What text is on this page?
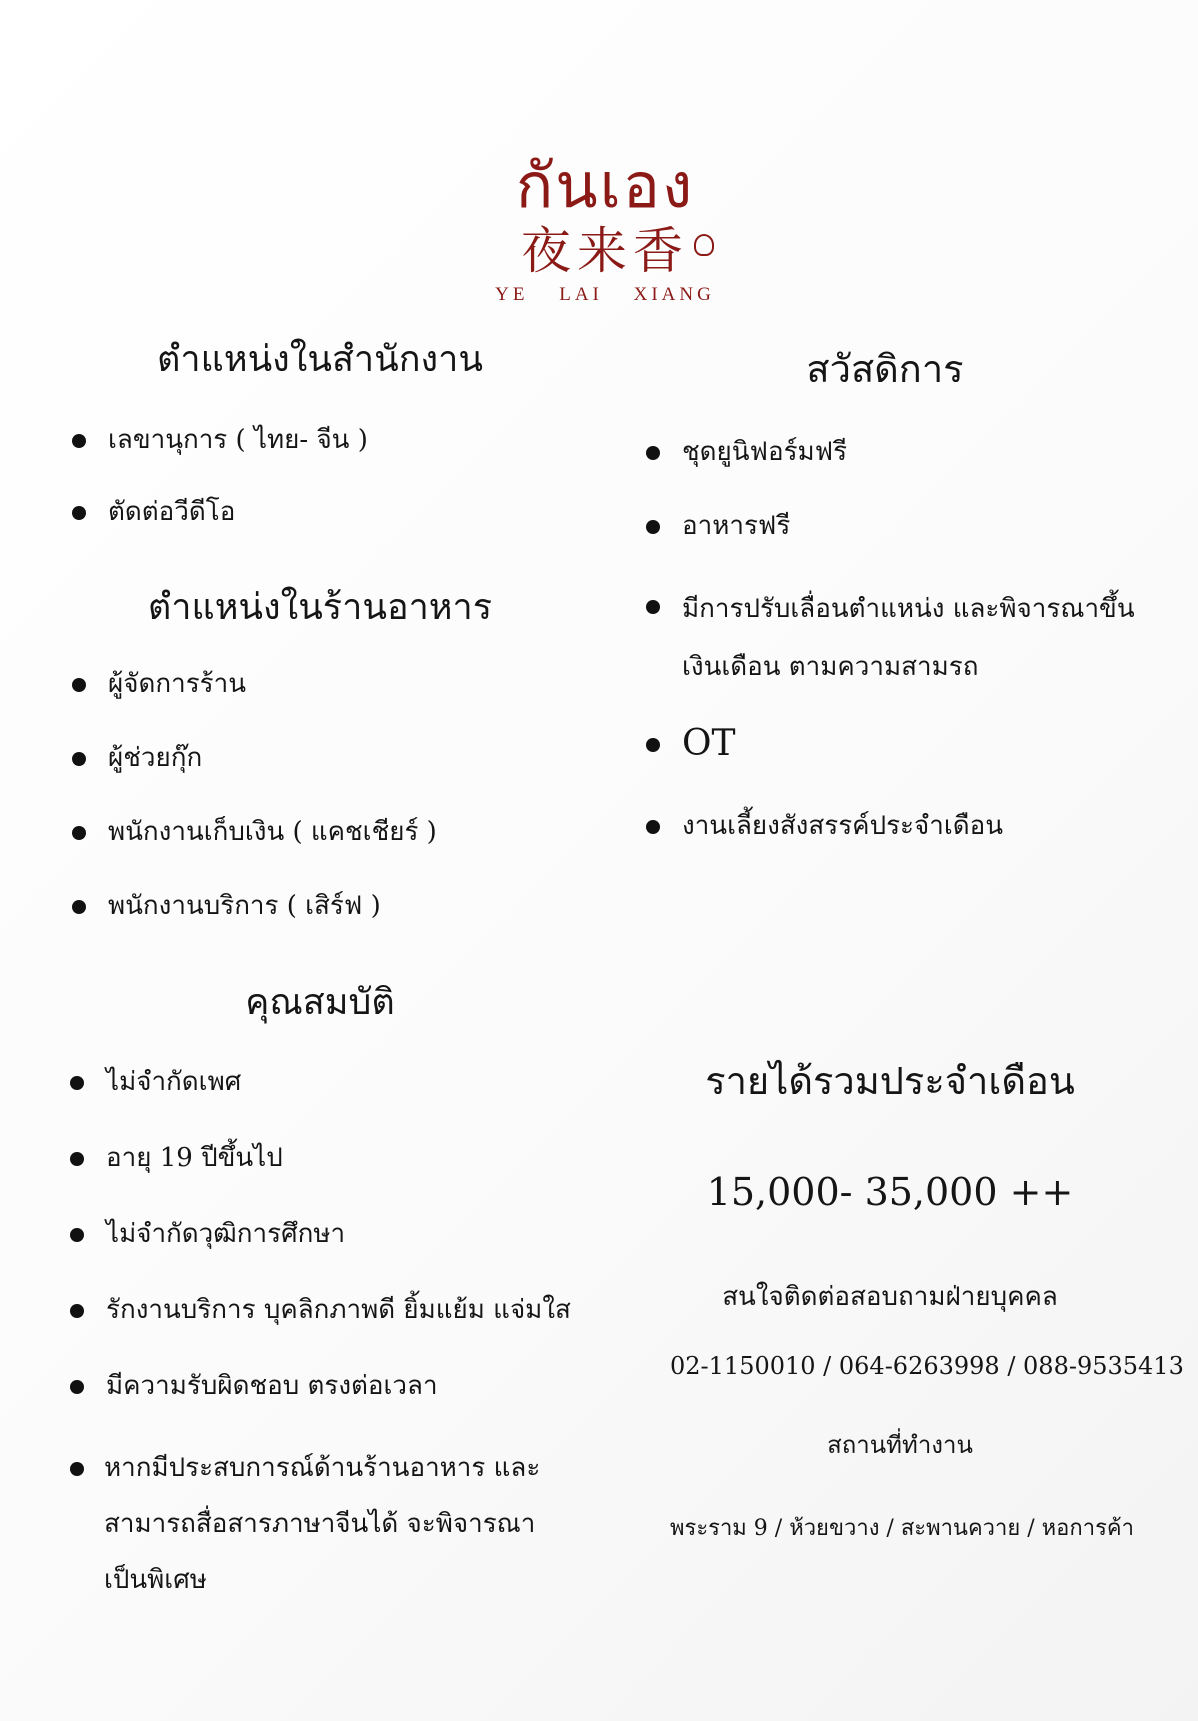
กันเอง
夜来香
YE LAI XIANG
ตำแหน่งในสำนักงาน
เลขานุการ ( ไทย- จีน )
ตัดต่อวีดีโอ
ตำแหน่งในร้านอาหาร
ผู้จัดการร้าน
ผู้ช่วยกุ๊ก
พนักงานเก็บเงิน ( แคชเชียร์ )
พนักงานบริการ ( เสิร์ฟ )
คุณสมบัติ
ไม่จำกัดเพศ
อายุ 19 ปีขึ้นไป
ไม่จำกัดวุฒิการศึกษา
รักงานบริการ บุคลิกภาพดี ยิ้มแย้ม แจ่มใส
มีความรับผิดชอบ ตรงต่อเวลา
หากมีประสบการณ์ด้านร้านอาหาร และสามารถสื่อสารภาษาจีนได้ จะพิจารณาเป็นพิเศษ
สวัสดิการ
ชุดยูนิฟอร์มฟรี
อาหารฟรี
มีการปรับเลื่อนตำแหน่ง และพิจารณาขึ้นเงินเดือน ตามความสามรถ
OT
งานเลี้ยงสังสรรค์ประจำเดือน
รายได้รวมประจำเดือน
15,000- 35,000 ++
สนใจติดต่อสอบถามฝ่ายบุคคล
02-1150010 / 064-6263998 / 088-9535413
สถานที่ทำงาน
พระราม 9 / ห้วยขวาง / สะพานควาย / หอการค้า
